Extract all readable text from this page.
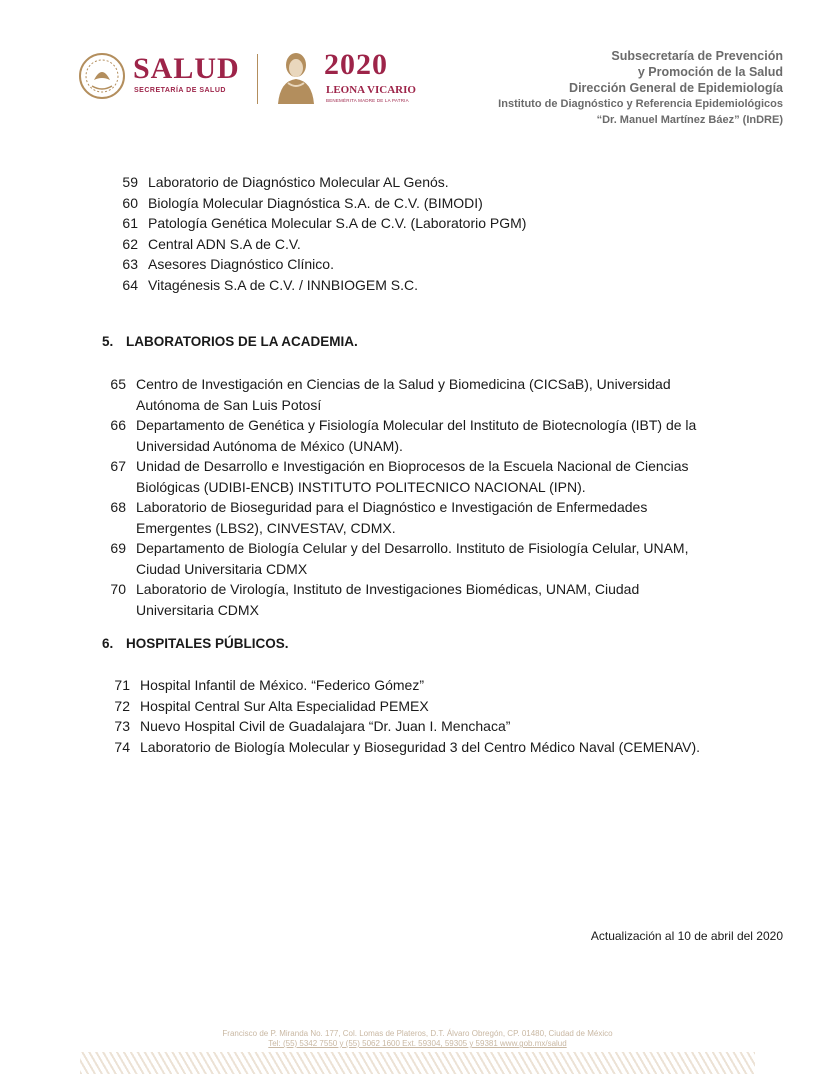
SALUD
SECRETARÍA DE SALUD
2020
LEONA VICARIO
BENEMÉRITA MADRE DE LA PATRIA
Subsecretaría de Prevención
y Promoción de la Salud
Dirección General de Epidemiología
Instituto de Diagnóstico y Referencia Epidemiológicos
“Dr. Manuel Martínez Báez” (InDRE)
59 Laboratorio de Diagnóstico Molecular AL Genós.
60 Biología Molecular Diagnóstica S.A. de C.V. (BIMODI)
61 Patología Genética Molecular S.A de C.V. (Laboratorio PGM)
62 Central ADN S.A de C.V.
63 Asesores Diagnóstico Clínico.
64 Vitagénesis S.A de C.V. / INNBIOGEM S.C.
5. LABORATORIOS DE LA ACADEMIA.
65 Centro de Investigación en Ciencias de la Salud y Biomedicina (CICSaB), Universidad Autónoma de San Luis Potosí
66 Departamento de Genética y Fisiología Molecular del Instituto de Biotecnología (IBT) de la Universidad Autónoma de México (UNAM).
67 Unidad de Desarrollo e Investigación en Bioprocesos de la Escuela Nacional de Ciencias Biológicas (UDIBI-ENCB) INSTITUTO POLITECNICO NACIONAL (IPN).
68 Laboratorio de Bioseguridad para el Diagnóstico e Investigación de Enfermedades Emergentes (LBS2), CINVESTAV, CDMX.
69 Departamento de Biología Celular y del Desarrollo. Instituto de Fisiología Celular, UNAM, Ciudad Universitaria CDMX
70 Laboratorio de Virología, Instituto de Investigaciones Biomédicas, UNAM, Ciudad Universitaria CDMX
6. HOSPITALES PÚBLICOS.
71 Hospital Infantil de México. “Federico Gómez”
72 Hospital Central Sur Alta Especialidad PEMEX
73 Nuevo Hospital Civil de Guadalajara “Dr. Juan I. Menchaca”
74 Laboratorio de Biología Molecular y Bioseguridad 3 del Centro Médico Naval (CEMENAV).
Actualización al 10 de abril del 2020
Francisco de P. Miranda No. 177, Col. Lomas de Plateros, D.T. Álvaro Obregón, CP. 01480, Ciudad de México
Tel: (55) 5342 7550 y (55) 5062 1600 Ext. 59304, 59305 y 59381 www.gob.mx/salud
